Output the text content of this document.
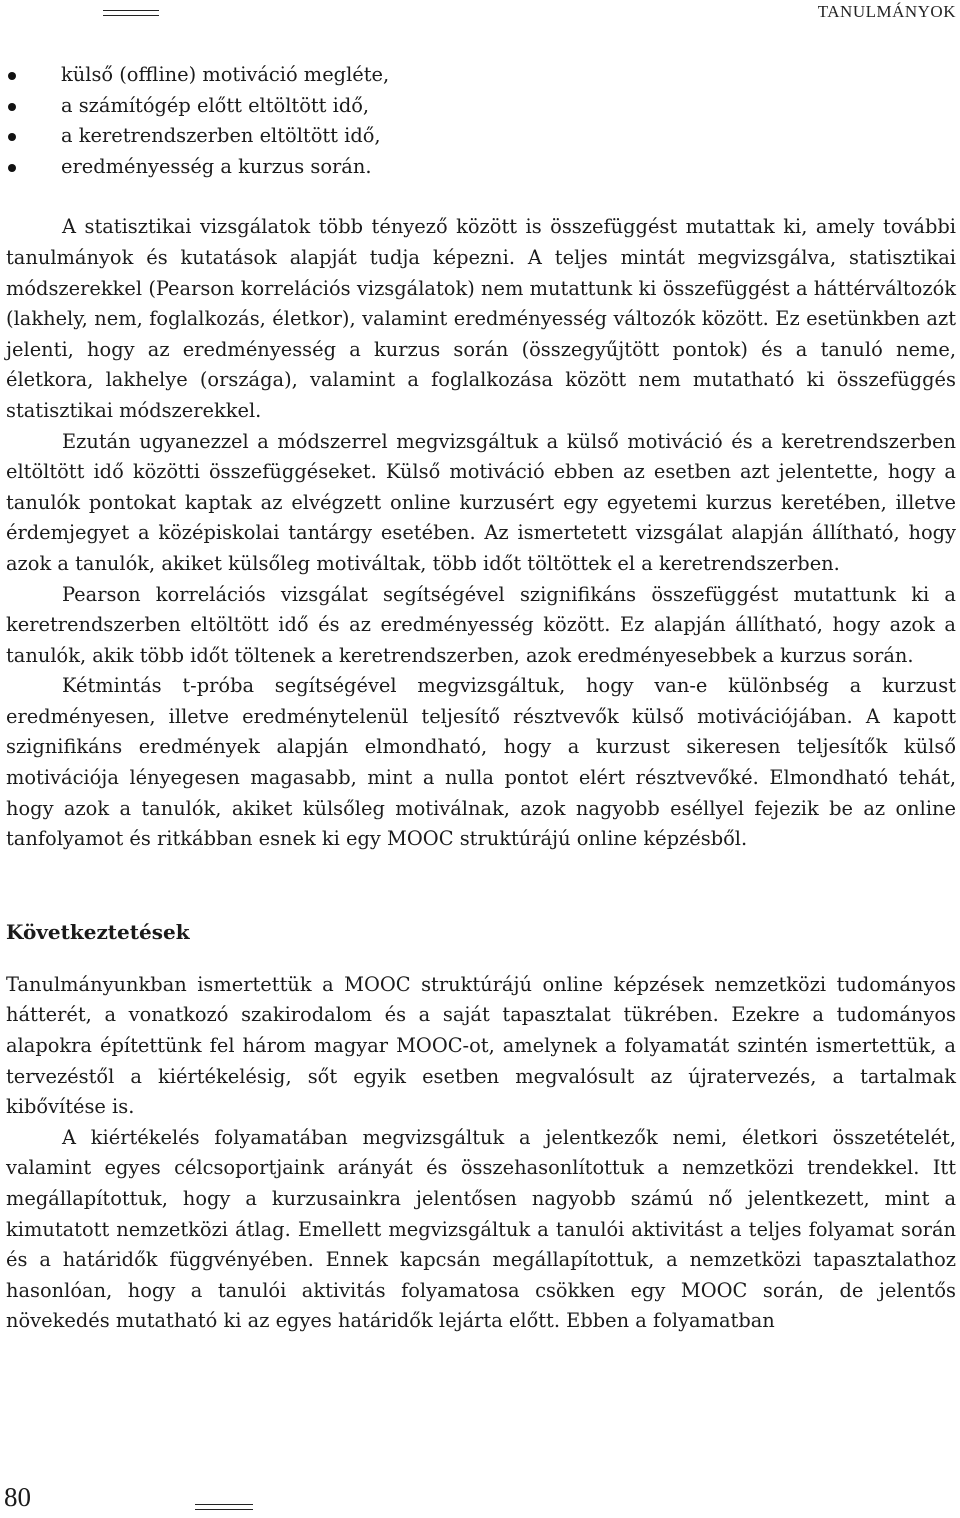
TANULMÁNYOK
külső (offline) motiváció megléte,
a számítógép előtt eltöltött idő,
a keretrendszerben eltöltött idő,
eredményesség a kurzus során.

A statisztikai vizsgálatok több tényező között is összefüggést mutattak ki, amely további tanulmányok és kutatások alapját tudja képezni. A teljes mintát megvizsgálva, statisztikai módszerekkel (Pearson korrelációs vizsgálatok) nem mutattunk ki összefüggést a háttérváltozók (lakhely, nem, foglalkozás, életkor), valamint eredményesség változók között. Ez esetünkben azt jelenti, hogy az eredményesség a kurzus során (összegyűjtött pontok) és a tanuló neme, életkora, lakhelye (országa), valamint a foglalkozása között nem mutatható ki összefüggés statisztikai módszerekkel.

Ezután ugyanezzel a módszerrel megvizsgáltuk a külső motiváció és a keretrendszerben eltöltött idő közötti összefüggéseket. Külső motiváció ebben az esetben azt jelentette, hogy a tanulók pontokat kaptak az elvégzett online kurzusért egy egyetemi kurzus keretében, illetve érdemjegyet a középiskolai tantárgy esetében. Az ismertetett vizsgálat alapján állítható, hogy azok a tanulók, akiket külsőleg motiváltak, több időt töltöttek el a keretrendszerben.

Pearson korrelációs vizsgálat segítségével szignifikáns összefüggést mutattunk ki a keretrendszerben eltöltött idő és az eredményesség között. Ez alapján állítható, hogy azok a tanulók, akik több időt töltenek a keretrendszerben, azok eredményesebbek a kurzus során.

Kétmintás t-próba segítségével megvizsgáltuk, hogy van-e különbség a kurzust eredményesen, illetve eredménytelenül teljesítő résztvevők külső motivációjában. A kapott szignifikáns eredmények alapján elmondható, hogy a kurzust sikeresen teljesítők külső motivációja lényegesen magasabb, mint a nulla pontot elért résztvevőké. Elmondható tehát, hogy azok a tanulók, akiket külsőleg motiválnak, azok nagyobb eséllyel fejezik be az online tanfolyamot és ritkábban esnek ki egy MOOC struktúrájú online képzésből.

Következtetések

Tanulmányunkban ismertettük a MOOC struktúrájú online képzések nemzetközi tudományos hátterét, a vonatkozó szakirodalom és a saját tapasztalat tükrében. Ezekre a tudományos alapokra építettünk fel három magyar MOOC-ot, amelynek a folyamatát szintén ismertettük, a tervezéstől a kiértékelésig, sőt egyik esetben megvalósult az újratervezés, a tartalmak kibővítése is.

A kiértékelés folyamatában megvizsgáltuk a jelentkezők nemi, életkori összetételét, valamint egyes célcsoportjaink arányát és összehasonlítottuk a nemzetközi trendekkel. Itt megállapítottuk, hogy a kurzusainkra jelentősen nagyobb számú nő jelentkezett, mint a kimutatott nemzetközi átlag. Emellett megvizsgáltuk a tanulói aktivitást a teljes folyamat során és a határidők függvényében. Ennek kapcsán megállapítottuk, a nemzetközi tapasztalathoz hasonlóan, hogy a tanulói aktivitás folyamatosa csökken egy MOOC során, de jelentős növekedés mutatható ki az egyes határidők lejárta előtt. Ebben a folyamatban

80
